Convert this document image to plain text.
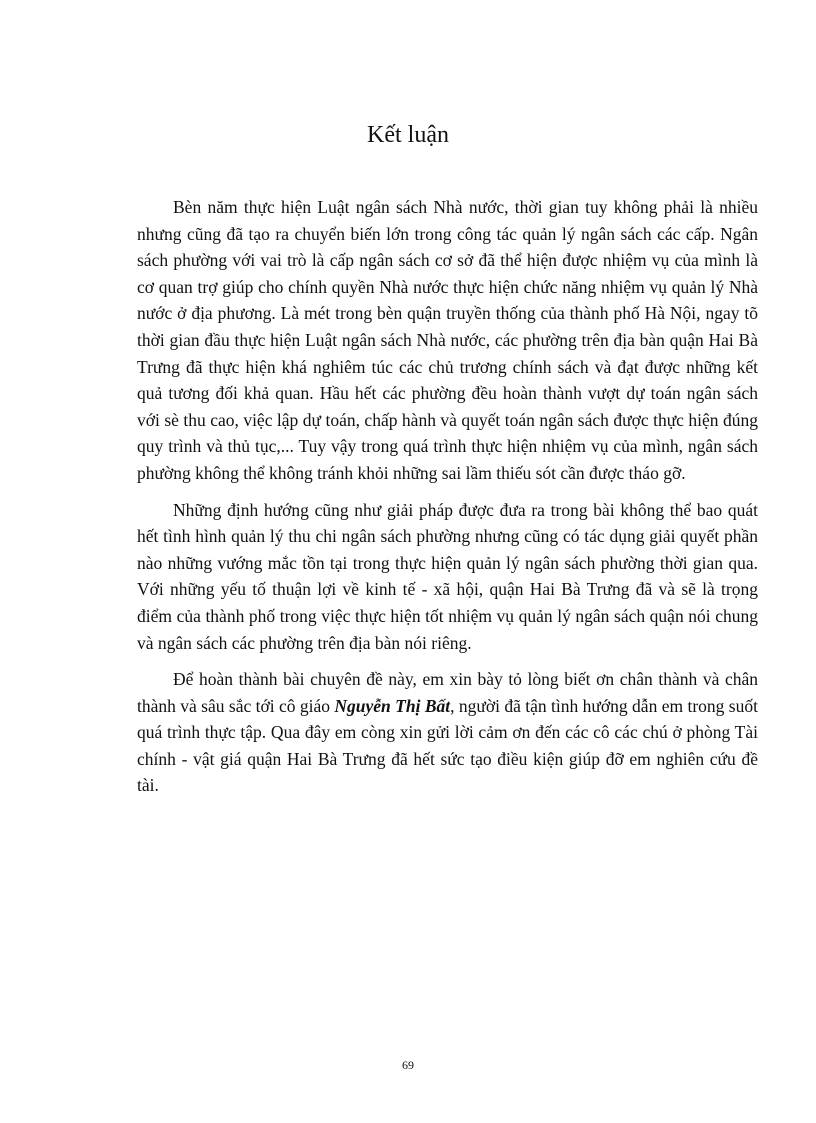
Kết luận

Bèn năm thực hiện Luật ngân sách Nhà nước, thời gian tuy không phải là nhiều nhưng cũng đã tạo ra chuyển biến lớn trong công tác quản lý ngân sách các cấp. Ngân sách phường với vai trò là cấp ngân sách cơ sở đã thể hiện được nhiệm vụ của mình là cơ quan trợ giúp cho chính quyền Nhà nước thực hiện chức năng nhiệm vụ quản lý Nhà nước ở địa phương. Là mét trong bèn quận truyền thống của thành phố Hà Nội, ngay tõ thời gian đầu thực hiện Luật ngân sách Nhà nước, các phường trên địa bàn quận Hai Bà Trưng đã thực hiện khá nghiêm túc các chủ trương chính sách và đạt được những kết quả tương đối khả quan. Hầu hết các phường đều hoàn thành vượt dự toán ngân sách với sè thu cao, việc lập dự toán, chấp hành và quyết toán ngân sách được thực hiện đúng quy trình và thủ tục,... Tuy vậy trong quá trình thực hiện nhiệm vụ của mình, ngân sách phường không thể không tránh khỏi những sai lầm thiếu sót cần được tháo gỡ.

Những định hướng cũng như giải pháp được đưa ra trong bài không thể bao quát hết tình hình quản lý thu chi ngân sách phường nhưng cũng có tác dụng giải quyết phần nào những vướng mắc tồn tại trong thực hiện quản lý ngân sách phường thời gian qua. Với những yếu tố thuận lợi về kinh tế - xã hội, quận Hai Bà Trưng đã và sẽ là trọng điểm của thành phố trong việc thực hiện tốt nhiệm vụ quản lý ngân sách quận nói chung và ngân sách các phường trên địa bàn nói riêng.

Để hoàn thành bài chuyên đề này, em xin bày tỏ lòng biết ơn chân thành và chân thành và sâu sắc tới cô giáo Nguyễn Thị Bất, người đã tận tình hướng dẫn em trong suốt quá trình thực tập. Qua đây em còng xin gửi lời cảm ơn đến các cô các chú ở phòng Tài chính - vật giá quận Hai Bà Trưng đã hết sức tạo điều kiện giúp đỡ em nghiên cứu đề tài.

69
